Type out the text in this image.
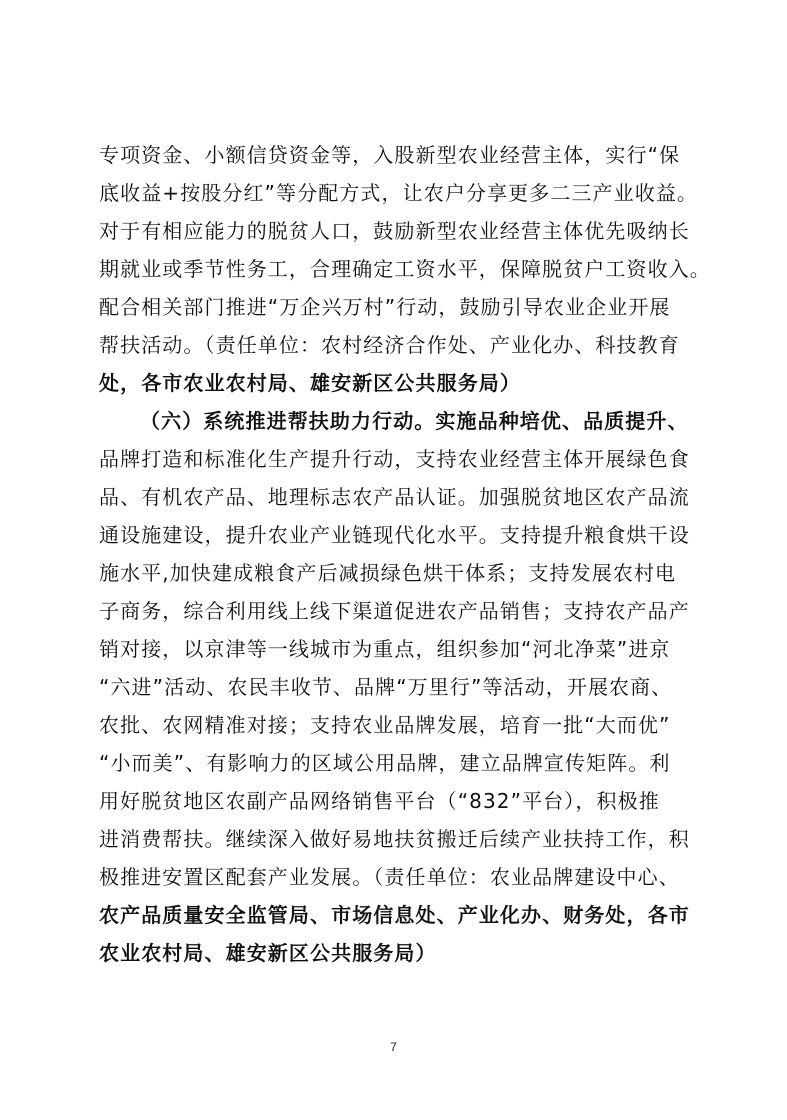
专项资金、小额信贷资金等，入股新型农业经营主体，实行“保
底收益+按股分红”等分配方式，让农户分享更多二三产业收益。
对于有相应能力的脱贫人口，鼓励新型农业经营主体优先吸纳长
期就业或季节性务工，合理确定工资水平，保障脱贫户工资收入。
配合相关部门推进“万企兴万村”行动，鼓励引导农业企业开展
帮扶活动。（责任单位：农村经济合作处、产业化办、科技教育
处，各市农业农村局、雄安新区公共服务局）
（六）系统推进帮扶助力行动。实施品种培优、品质提升、
品牌打造和标准化生产提升行动，支持农业经营主体开展绿色食
品、有机农产品、地理标志农产品认证。加强脱贫地区农产品流
通设施建设，提升农业产业链现代化水平。支持提升粮食烘干设
施水平,加快建成粮食产后减损绿色烘干体系；支持发展农村电
子商务，综合利用线上线下渠道促进农产品销售；支持农产品产
销对接，以京津等一线城市为重点，组织参加“河北净菜”进京
“六进”活动、农民丰收节、品牌“万里行”等活动，开展农商、
农批、农网精准对接；支持农业品牌发展，培育一批“大而优”
“小而美”、有影响力的区域公用品牌，建立品牌宣传矩阵。利
用好脱贫地区农副产品网络销售平台（“832”平台），积极推
进消费帮扶。继续深入做好易地扶贫搬迁后续产业扶持工作，积
极推进安置区配套产业发展。（责任单位：农业品牌建设中心、
农产品质量安全监管局、市场信息处、产业化办、财务处，各市
农业农村局、雄安新区公共服务局）
7
